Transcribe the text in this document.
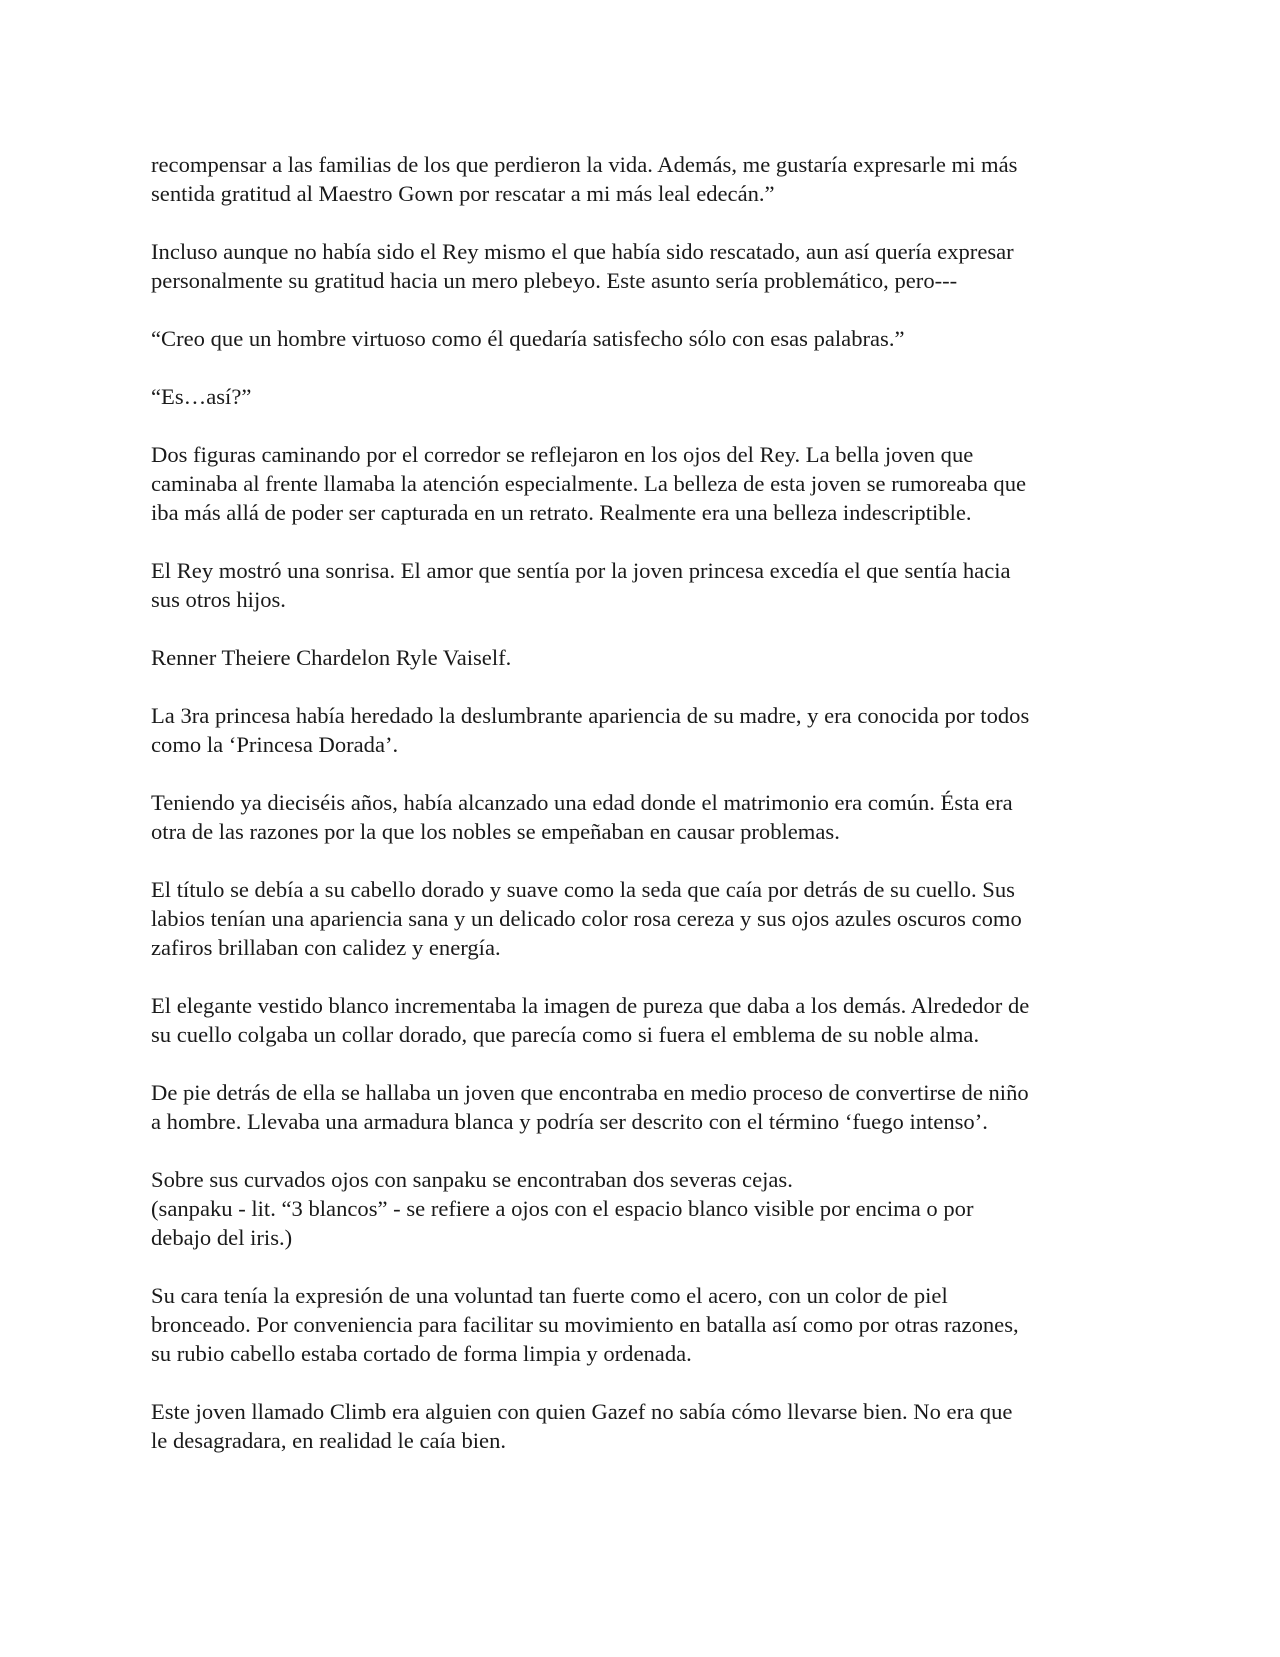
recompensar a las familias de los que perdieron la vida. Además, me gustaría expresarle mi más
sentida gratitud al Maestro Gown por rescatar a mi más leal edecán.”

Incluso aunque no había sido el Rey mismo el que había sido rescatado, aun así quería expresar
personalmente su gratitud hacia un mero plebeyo. Este asunto sería problemático, pero---

“Creo que un hombre virtuoso como él quedaría satisfecho sólo con esas palabras.”

“Es…así?”

Dos figuras caminando por el corredor se reflejaron en los ojos del Rey. La bella joven que
caminaba al frente llamaba la atención especialmente. La belleza de esta joven se rumoreaba que
iba más allá de poder ser capturada en un retrato. Realmente era una belleza indescriptible.

El Rey mostró una sonrisa. El amor que sentía por la joven princesa excedía el que sentía hacia
sus otros hijos.

Renner Theiere Chardelon Ryle Vaiself.

La 3ra princesa había heredado la deslumbrante apariencia de su madre, y era conocida por todos
como la ‘Princesa Dorada’.

Teniendo ya dieciséis años, había alcanzado una edad donde el matrimonio era común. Ésta era
otra de las razones por la que los nobles se empeñaban en causar problemas.

El título se debía a su cabello dorado y suave como la seda que caía por detrás de su cuello. Sus
labios tenían una apariencia sana y un delicado color rosa cereza y sus ojos azules oscuros como
zafiros brillaban con calidez y energía.

El elegante vestido blanco incrementaba la imagen de pureza que daba a los demás. Alrededor de
su cuello colgaba un collar dorado, que parecía como si fuera el emblema de su noble alma.

De pie detrás de ella se hallaba un joven que encontraba en medio proceso de convertirse de niño
a hombre. Llevaba una armadura blanca y podría ser descrito con el término ‘fuego intenso’.

Sobre sus curvados ojos con sanpaku se encontraban dos severas cejas.
(sanpaku - lit. “3 blancos” - se refiere a ojos con el espacio blanco visible por encima o por
debajo del iris.)

Su cara tenía la expresión de una voluntad tan fuerte como el acero, con un color de piel
bronceado. Por conveniencia para facilitar su movimiento en batalla así como por otras razones,
su rubio cabello estaba cortado de forma limpia y ordenada.

Este joven llamado Climb era alguien con quien Gazef no sabía cómo llevarse bien. No era que
le desagradara, en realidad le caía bien.
